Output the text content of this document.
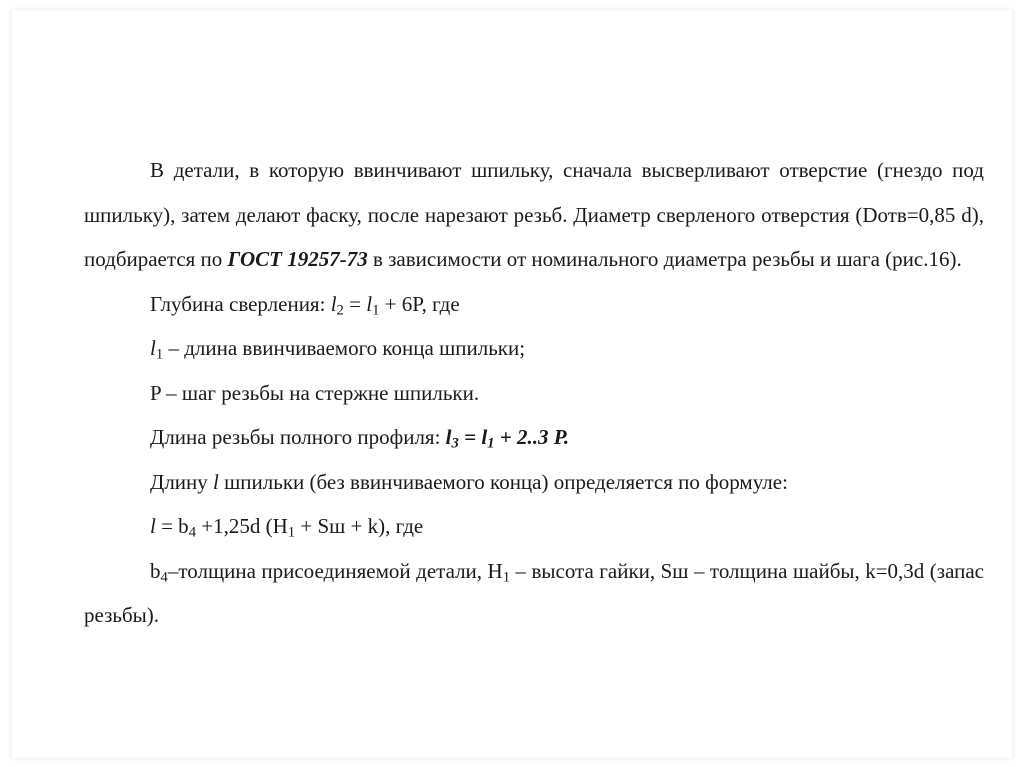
В детали, в которую ввинчивают шпильку, сначала высверливают отверстие (гнездо под шпильку), затем делают фаску, после нарезают резьб. Диаметр сверленого отверстия (Dотв=0,85 d), подбирается по ГОСТ 19257-73 в зависимости от номинального диаметра резьбы и шага (рис.16).

Глубина сверления: $l_2 = l_1 + 6P$, где

$l_1$ – длина ввинчиваемого конца шпильки;

P – шаг резьбы на стержне шпильки.

Длина резьбы полного профиля: $l_3 = l_1 + 2..3$ P.

Длину l шпильки (без ввинчиваемого конца) определяется по формуле:

$l = b_4 +1,25d$ ($H_1$ + Sш + k), где

$b_4$–толщина присоединяемой детали, $H_1$ – высота гайки, Sш – толщина шайбы, k=0,3d (запас резьбы).
